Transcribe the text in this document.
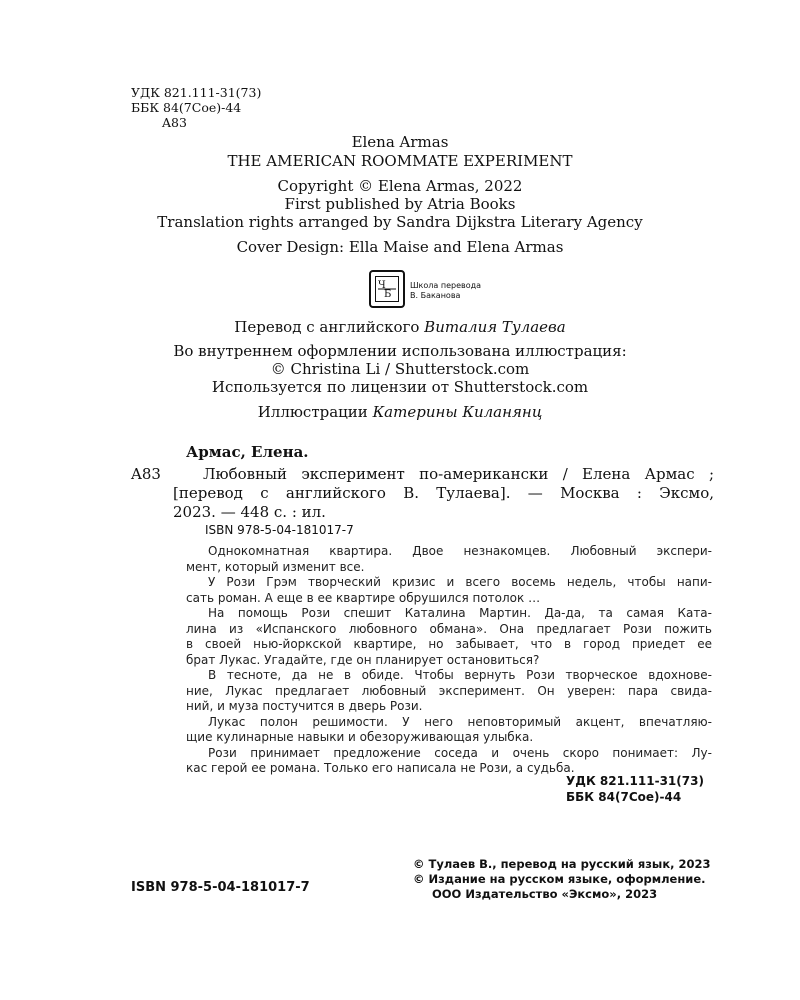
УДК 821.111-31(73)
ББК 84(7Сое)-44
A83
Elena Armas
THE AMERICAN ROOMMATE EXPERIMENT
Copyright © Elena Armas, 2022
First published by Atria Books
Translation rights arranged by Sandra Dijkstra Literary Agency
Cover Design: Ella Maise and Elena Armas
Ч
Б
Школа перевода
В. Баканова
Перевод с английского Виталия Тулаева
Во внутреннем оформлении использована иллюстрация:
© Christina Li / Shutterstock.com
Используется по лицензии от Shutterstock.com
Иллюстрации Катерины Киланянц
Армас, Елена.
A83	Любовный эксперимент по-американски / Елена Армас ;
[перевод с английского В. Тулаева]. — Москва : Эксмо,
2023. — 448 с. : ил.
ISBN 978-5-04-181017-7
Однокомнатная квартира. Двое незнакомцев. Любовный экспери-
мент, который изменит все.
У Рози Грэм творческий кризис и всего восемь недель, чтобы напи-
сать роман. А еще в ее квартире обрушился потолок …
На помощь Рози спешит Каталина Мартин. Да-да, та самая Ката-
лина из «Испанского любовного обмана». Она предлагает Рози пожить
в своей нью-йоркской квартире, но забывает, что в город приедет ее
брат Лукас. Угадайте, где он планирует остановиться?
В тесноте, да не в обиде. Чтобы вернуть Рози творческое вдохнове-
ние, Лукас предлагает любовный эксперимент. Он уверен: пара свида-
ний, и муза постучится в дверь Рози.
Лукас полон решимости. У него неповторимый акцент, впечатляю-
щие кулинарные навыки и обезоруживающая улыбка.
Рози принимает предложение соседа и очень скоро понимает: Лу-
кас герой ее романа. Только его написала не Рози, а судьба.
УДК 821.111-31(73)
ББК 84(7Сое)-44
ISBN 978-5-04-181017-7
© Тулаев В., перевод на русский язык, 2023
© Издание на русском языке, оформление.
ООО Издательство «Эксмо», 2023
